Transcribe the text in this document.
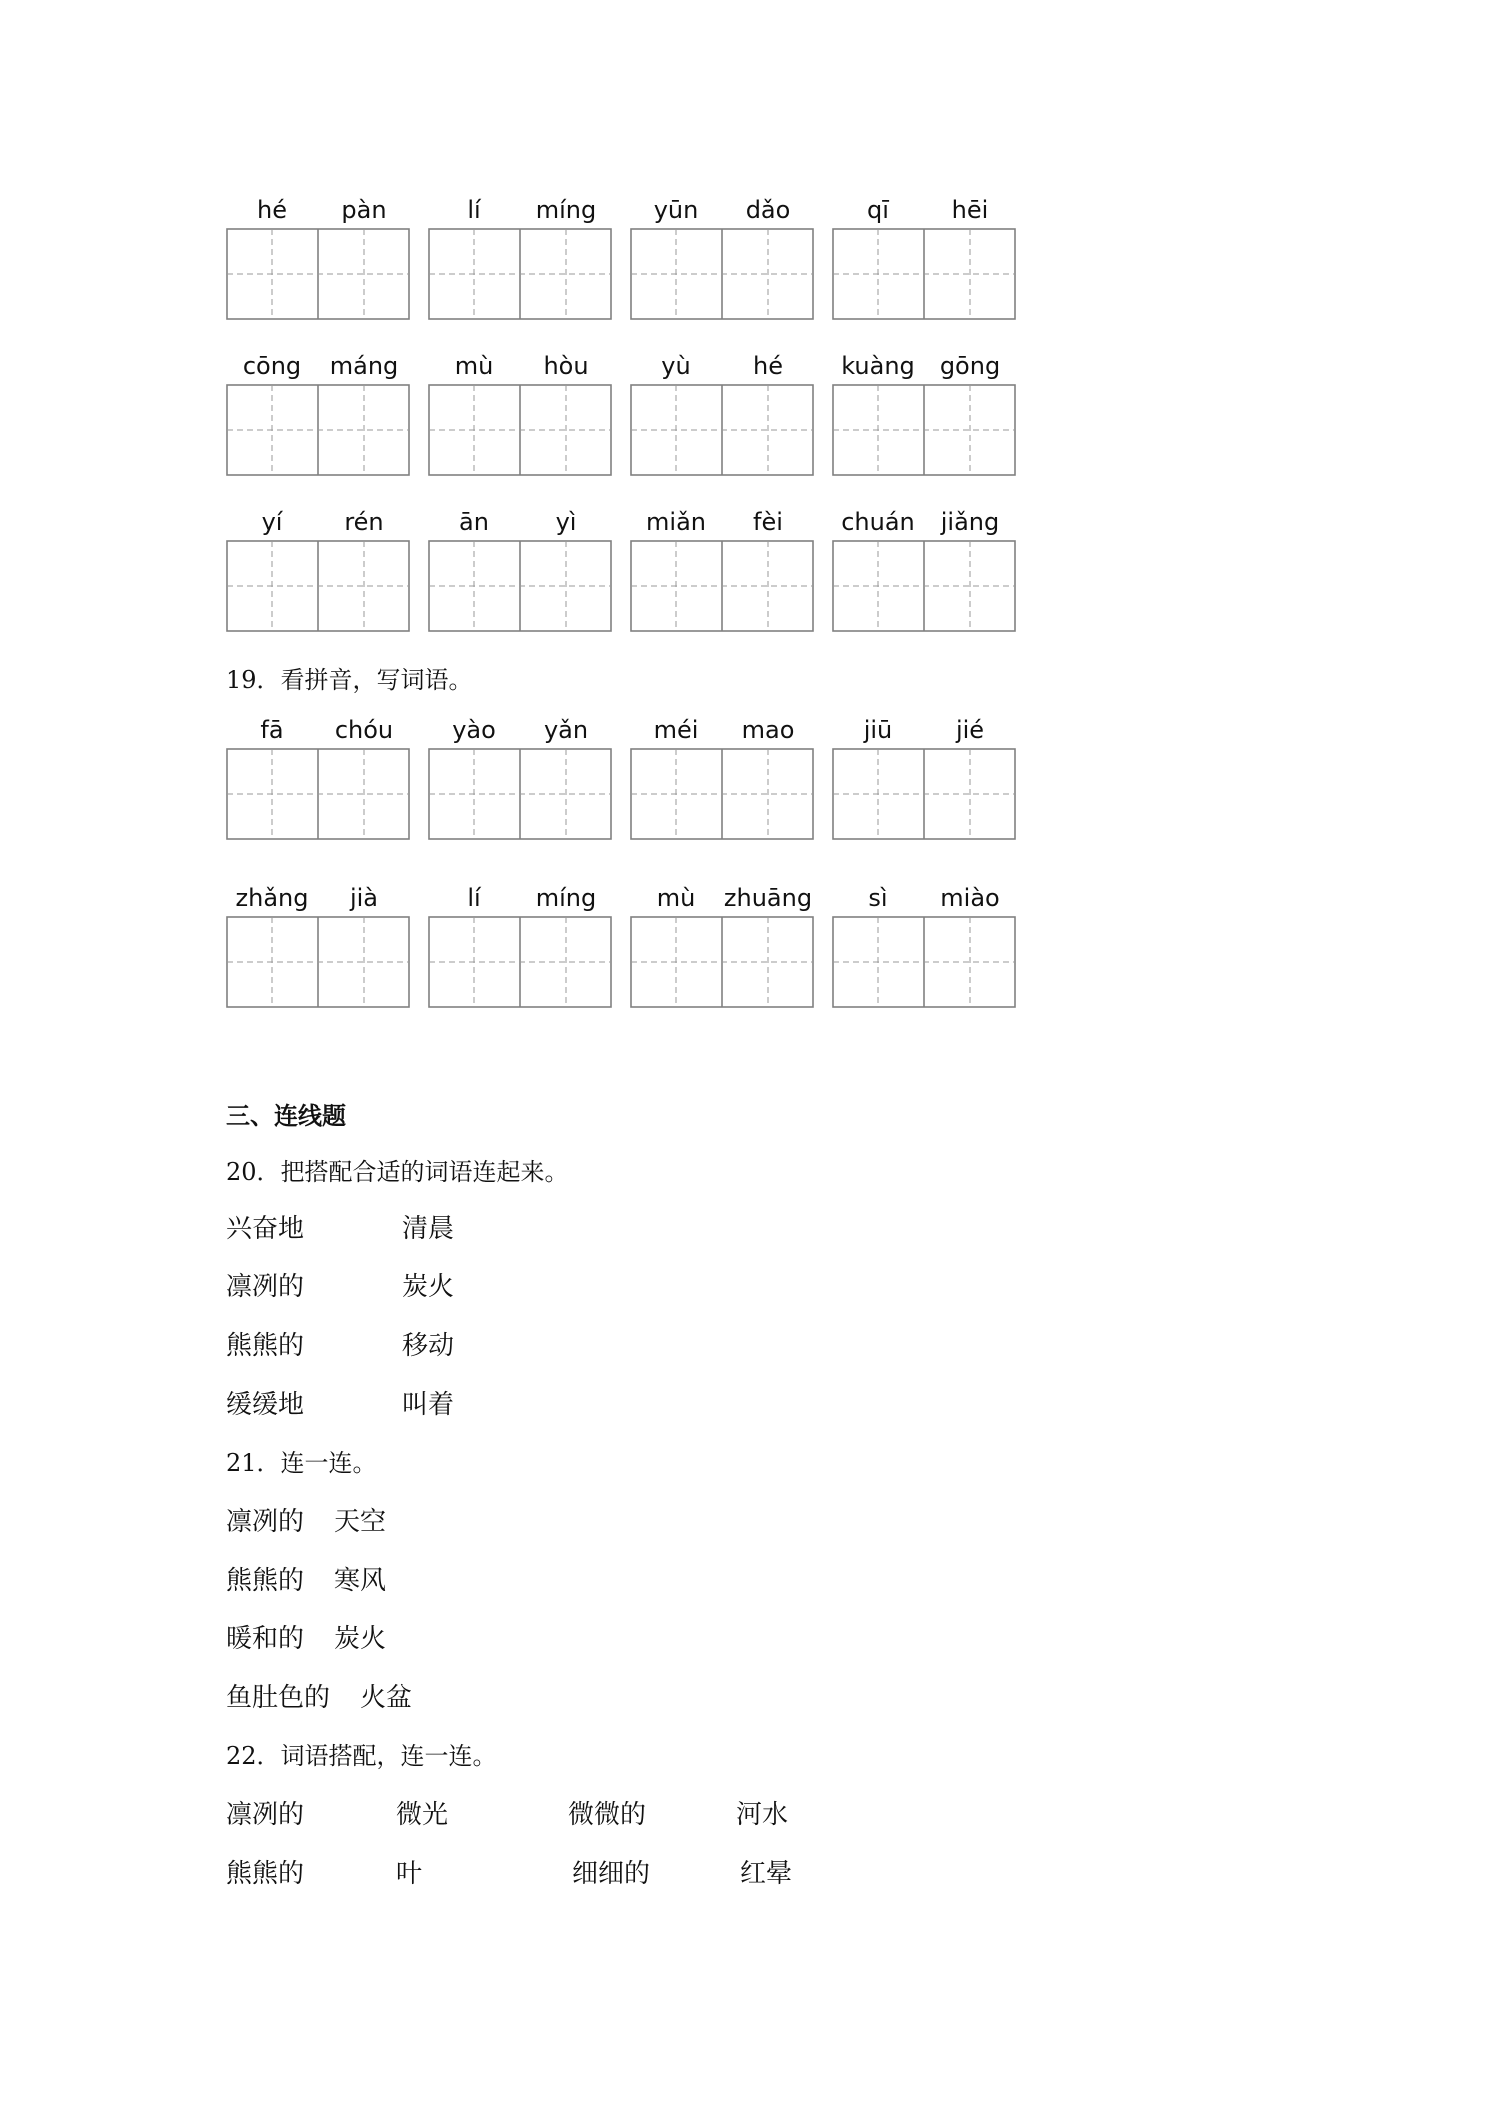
hé	pàn	lí	míng	yūn	dǎo	qī	hēi
cōng	máng	mù	hòu	yù	hé	kuàng	gōng
yí	rén	ān	yì	miǎn	fèi	chuán	jiǎng
19．看拼音，写词语。
fā	chóu	yào	yǎn	méi	mao	jiū	jié
zhǎng	jià	lí	míng	mù	zhuāng	sì	miào
三、连线题
20．把搭配合适的词语连起来。
兴奋地	清晨
凛冽的	炭火
熊熊的	移动
缓缓地	叫着
21．连一连。
凛冽的 天空
熊熊的 寒风
暖和的 炭火
鱼肚色的 火盆
22．词语搭配，连一连。
凛冽的	微光	微微的	河水
熊熊的	叶	细细的	红晕
